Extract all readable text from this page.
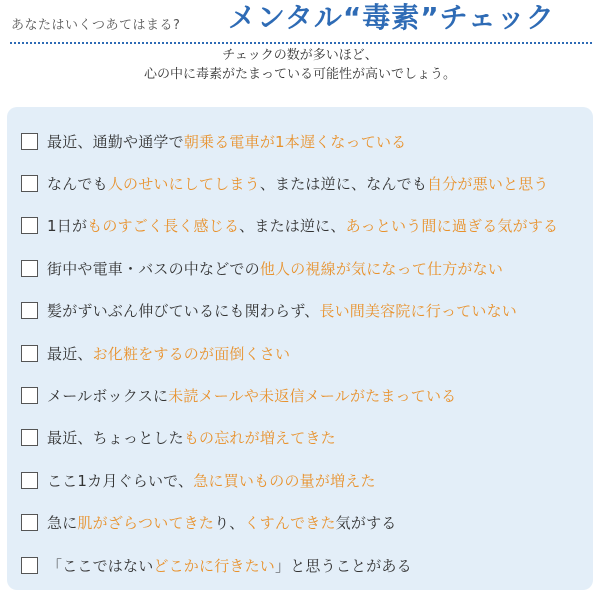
あなたはいくつあてはまる? メンタル“毒素”チェック
チェックの数が多いほど、
心の中に毒素がたまっている可能性が高いでしょう。
最近、通勤や通学で朝乗る電車が1本遅くなっている
なんでも人のせいにしてしまう、または逆に、なんでも自分が悪いと思う
1日がものすごく長く感じる、または逆に、あっという間に過ぎる気がする
街中や電車・バスの中などでの他人の視線が気になって仕方がない
髪がずいぶん伸びているにも関わらず、長い間美容院に行っていない
最近、お化粧をするのが面倒くさい
メールボックスに未読メールや未返信メールがたまっている
最近、ちょっとしたもの忘れが増えてきた
ここ1カ月ぐらいで、急に買いものの量が増えた
急に肌がざらついてきたり、くすんできた気がする
「ここではないどこかに行きたい」と思うことがある
